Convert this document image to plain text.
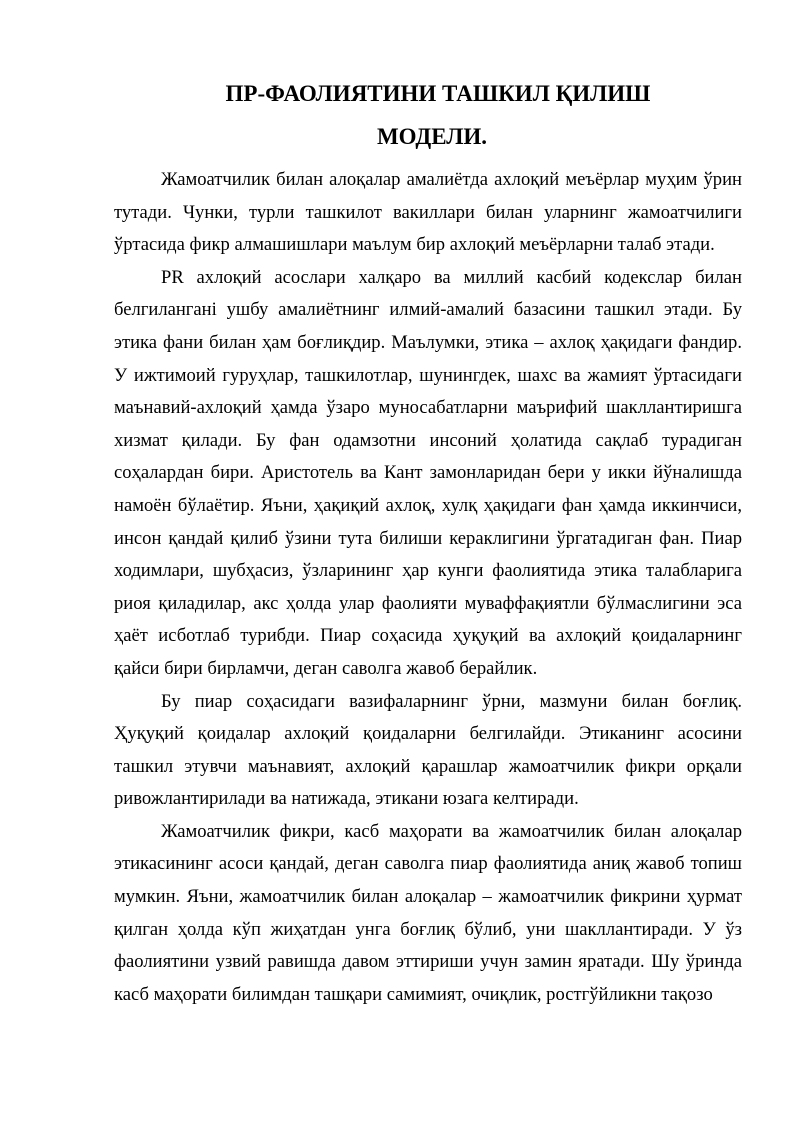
ПР-ФАОЛИЯТИНИ ТАШКИЛ ҚИЛИШ
МОДЕЛИ.

Жамоатчилик билан алоқалар амалиётда ахлоқий меъёрлар муҳим ўрин тутади. Чунки, турли ташкилот вакиллари билан уларнинг жамоатчилиги ўртасида фикр алмашишлари маълум бир ахлоқий меъёрларни талаб этади.

PR ахлоқий асослари халқаро ва миллий касбий кодекслар билан белгиланганi ушбу амалиётнинг илмий-амалий базасини ташкил этади. Бу этика фани билан ҳам боғлиқдир. Маълумки, этика – ахлоқ ҳақидаги фандир. У ижтимоий гуруҳлар, ташкилотлар, шунингдек, шахс ва жамият ўртасидаги маънавий-ахлоқий ҳамда ўзаро муносабатларни маърифий шакллантиришга хизмат қилади. Бу фан одамзотни инсоний ҳолатида сақлаб турадиган соҳалардан бири. Аристотель ва Кант замонларидан бери у икки йўналишда намоён бўлаётир. Яъни, ҳақиқий ахлоқ, хулқ ҳақидаги фан ҳамда иккинчиси, инсон қандай қилиб ўзини тута билиши кераклигини ўргатадиган фан. Пиар ходимлари, шубҳасиз, ўзларининг ҳар кунги фаолиятида этика талабларига риоя қиладилар, акс ҳолда улар фаолияти муваффақиятли бўлмаслигини эса ҳаёт исботлаб турибди. Пиар соҳасида ҳуқуқий ва ахлоқий қоидаларнинг қайси бири бирламчи, деган саволга жавоб берайлик.

Бу пиар соҳасидаги вазифаларнинг ўрни, мазмуни билан боғлиқ. Ҳуқуқий қоидалар ахлоқий қоидаларни белгилайди. Этиканинг асосини ташкил этувчи маънавият, ахлоқий қарашлар жамоатчилик фикри орқали ривожлантирилади ва натижада, этикани юзага келтиради.

Жамоатчилик фикри, касб маҳорати ва жамоатчилик билан алоқалар этикасининг асоси қандай, деган саволга пиар фаолиятида аниқ жавоб топиш мумкин. Яъни, жамоатчилик билан алоқалар – жамоатчилик фикрини ҳурмат қилган ҳолда кўп жиҳатдан унга боғлиқ бўлиб, уни шакллантиради. У ўз фаолиятини узвий равишда давом эттириши учун замин яратади. Шу ўринда касб маҳорати билимдан ташқари самимият, очиқлик, ростгўйликни тақозо
